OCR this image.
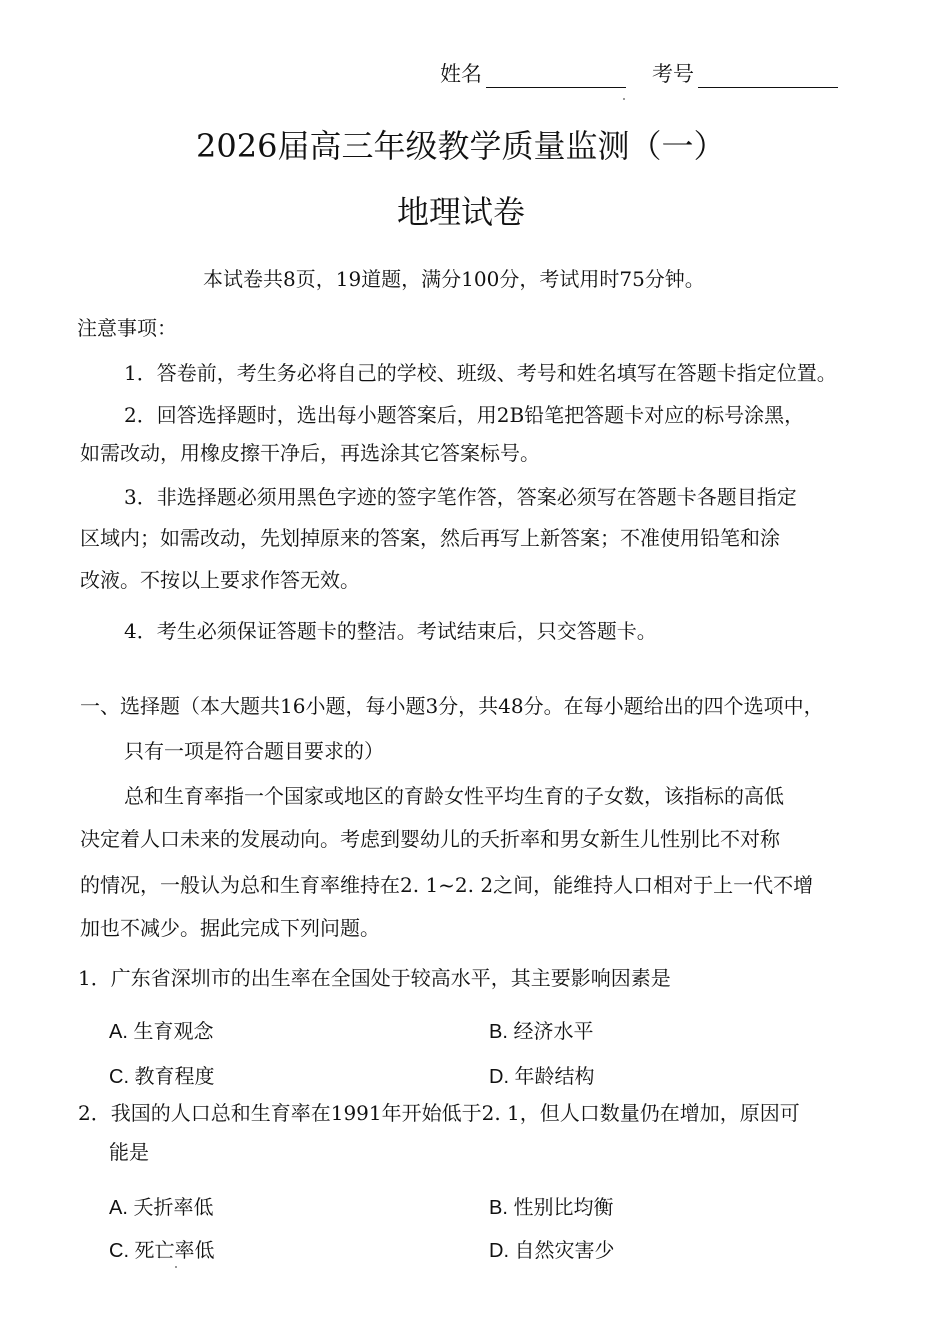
姓名	考号
2026届高三年级教学质量监测（一）
地理试卷
本试卷共8页，19道题，满分100分，考试用时75分钟。
注意事项：
1．答卷前，考生务必将自己的学校、班级、考号和姓名填写在答题卡指定位置。
2．回答选择题时，选出每小题答案后，用2B铅笔把答题卡对应的标号涂黑，
如需改动，用橡皮擦干净后，再选涂其它答案标号。
3．非选择题必须用黑色字迹的签字笔作答，答案必须写在答题卡各题目指定
区域内；如需改动，先划掉原来的答案，然后再写上新答案；不准使用铅笔和涂
改液。不按以上要求作答无效。
4．考生必须保证答题卡的整洁。考试结束后，只交答题卡。
一、选择题（本大题共16小题，每小题3分，共48分。在每小题给出的四个选项中，
只有一项是符合题目要求的）
总和生育率指一个国家或地区的育龄女性平均生育的子女数，该指标的高低
决定着人口未来的发展动向。考虑到婴幼儿的夭折率和男女新生儿性别比不对称
的情况，一般认为总和生育率维持在2. 1~2. 2之间，能维持人口相对于上一代不增
加也不减少。据此完成下列问题。
1．广东省深圳市的出生率在全国处于较高水平，其主要影响因素是
A. 生育观念	B. 经济水平
C. 教育程度	D. 年龄结构
2．我国的人口总和生育率在1991年开始低于2. 1，但人口数量仍在增加，原因可
能是
A. 夭折率低	B. 性别比均衡
C. 死亡率低	D. 自然灾害少
